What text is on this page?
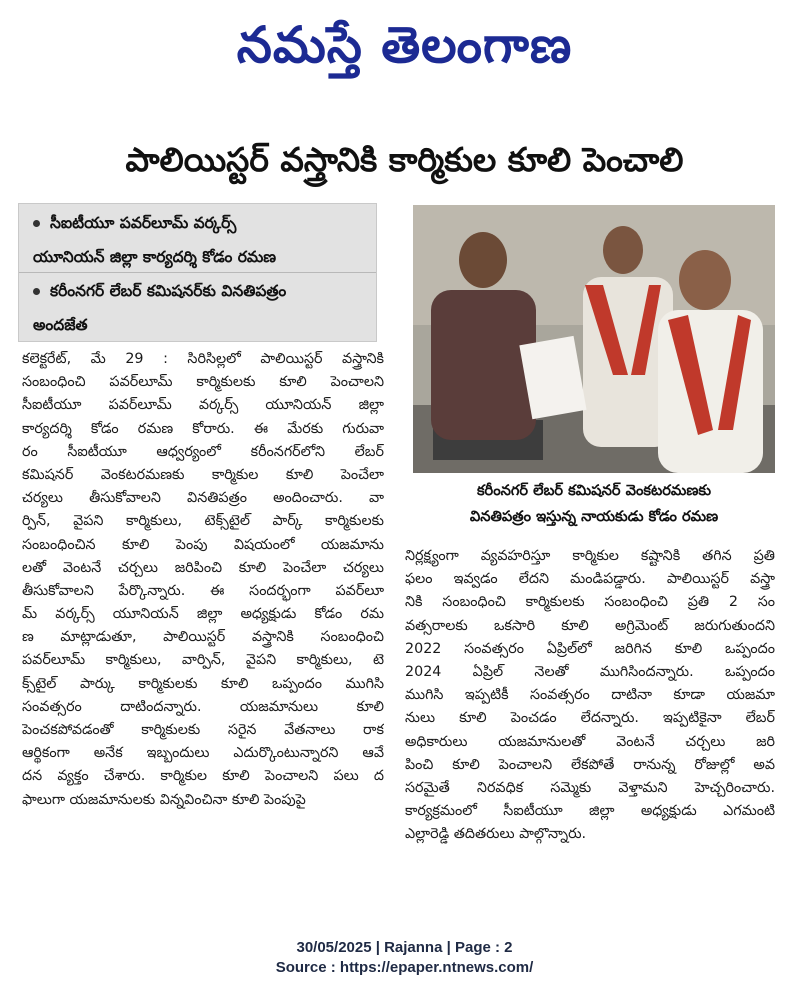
నమస్తే తెలంగాణ
పాలియిస్టర్ వస్త్రానికి కార్మికుల కూలి పెంచాలి
సీఐటీయూ పవర్‌లూమ్ వర్కర్స్
యూనియన్ జిల్లా కార్యదర్శి కోడం రమణ
కరీంనగర్ లేబర్ కమిషనర్‌కు వినతిపత్రం
అందజేత
కలెక్టరేట్, మే 29 : సిరిసిల్లలో పాలియిస్టర్ వస్త్రానికి
సంబంధించి పవర్‌లూమ్ కార్మికులకు కూలి పెంచాలని
సీఐటీయూ పవర్‌లూమ్ వర్కర్స్ యూనియన్ జిల్లా
కార్యదర్శి కోడం రమణ కోరారు. ఈ మేరకు గురువా
రం సీఐటీయూ ఆధ్వర్యంలో కరీంనగర్‌లోని లేబర్
కమిషనర్ వెంకటరమణకు కార్మికుల కూలి పెంచేలా
చర్యలు తీసుకోవాలని వినతిపత్రం అందించారు. వా
ర్పిన్, వైపని కార్మికులు, టెక్స్‌టైల్ పార్క్ కార్మికులకు
సంబంధించిన కూలి పెంపు విషయంలో యజమాను
లతో వెంటనే చర్చలు జరిపించి కూలి పెంచేలా చర్యలు
తీసుకోవాలని పేర్కొన్నారు. ఈ సందర్భంగా పవర్‌లూ
మ్ వర్కర్స్ యూనియన్ జిల్లా అధ్యక్షుడు కోడం రమ
ణ మాట్లాడుతూ, పాలియిస్టర్ వస్త్రానికి సంబంధించి
పవర్‌లూమ్ కార్మికులు, వార్పిన్, వైపని కార్మికులు, టె
క్స్‌టైల్ పార్కు కార్మికులకు కూలి ఒప్పందం ముగిసి
సంవత్సరం దాటిందన్నారు. యజమానులు కూలి
పెంచకపోవడంతో కార్మికులకు సరైన వేతనాలు రాక
ఆర్థికంగా అనేక ఇబ్బందులు ఎదుర్కొంటున్నారని ఆవే
దన వ్యక్తం చేశారు. కార్మికుల కూలి పెంచాలని పలు ద
ఫాలుగా యజమానులకు విన్నవించినా కూలి పెంపుపై
కరీంనగర్ లేబర్ కమిషనర్ వెంకటరమణకు
వినతిపత్రం ఇస్తున్న నాయకుడు కోడం రమణ
నిర్లక్ష్యంగా వ్యవహరిస్తూ కార్మికుల కష్టానికి తగిన ప్రతి
ఫలం ఇవ్వడం లేదని మండిపడ్డారు. పాలియిస్టర్ వస్త్రా
నికి సంబంధించి కార్మికులకు సంబంధించి ప్రతి 2 సం
వత్సరాలకు ఒకసారి కూలి అగ్రిమెంట్ జరుగుతుందని
2022 సంవత్సరం ఏప్రిల్‌లో జరిగిన కూలి ఒప్పందం
2024 ఏప్రిల్ నెలతో ముగిసిందన్నారు. ఒప్పందం
ముగిసి ఇప్పటికీ సంవత్సరం దాటినా కూడా యజమా
నులు కూలి పెంచడం లేదన్నారు. ఇప్పటికైనా లేబర్
అధికారులు యజమానులతో వెంటనే చర్చలు జరి
పించి కూలి పెంచాలని లేకపోతే రానున్న రోజుల్లో అవ
సరమైతే నిరవధిక సమ్మెకు వెళ్తామని హెచ్చరించారు.
కార్యక్రమంలో సీఐటీయూ జిల్లా అధ్యక్షుడు ఎగమంటి
ఎల్లారెడ్డి తదితరులు పాల్గొన్నారు.
30/05/2025 | Rajanna | Page : 2
Source : https://epaper.ntnews.com/
